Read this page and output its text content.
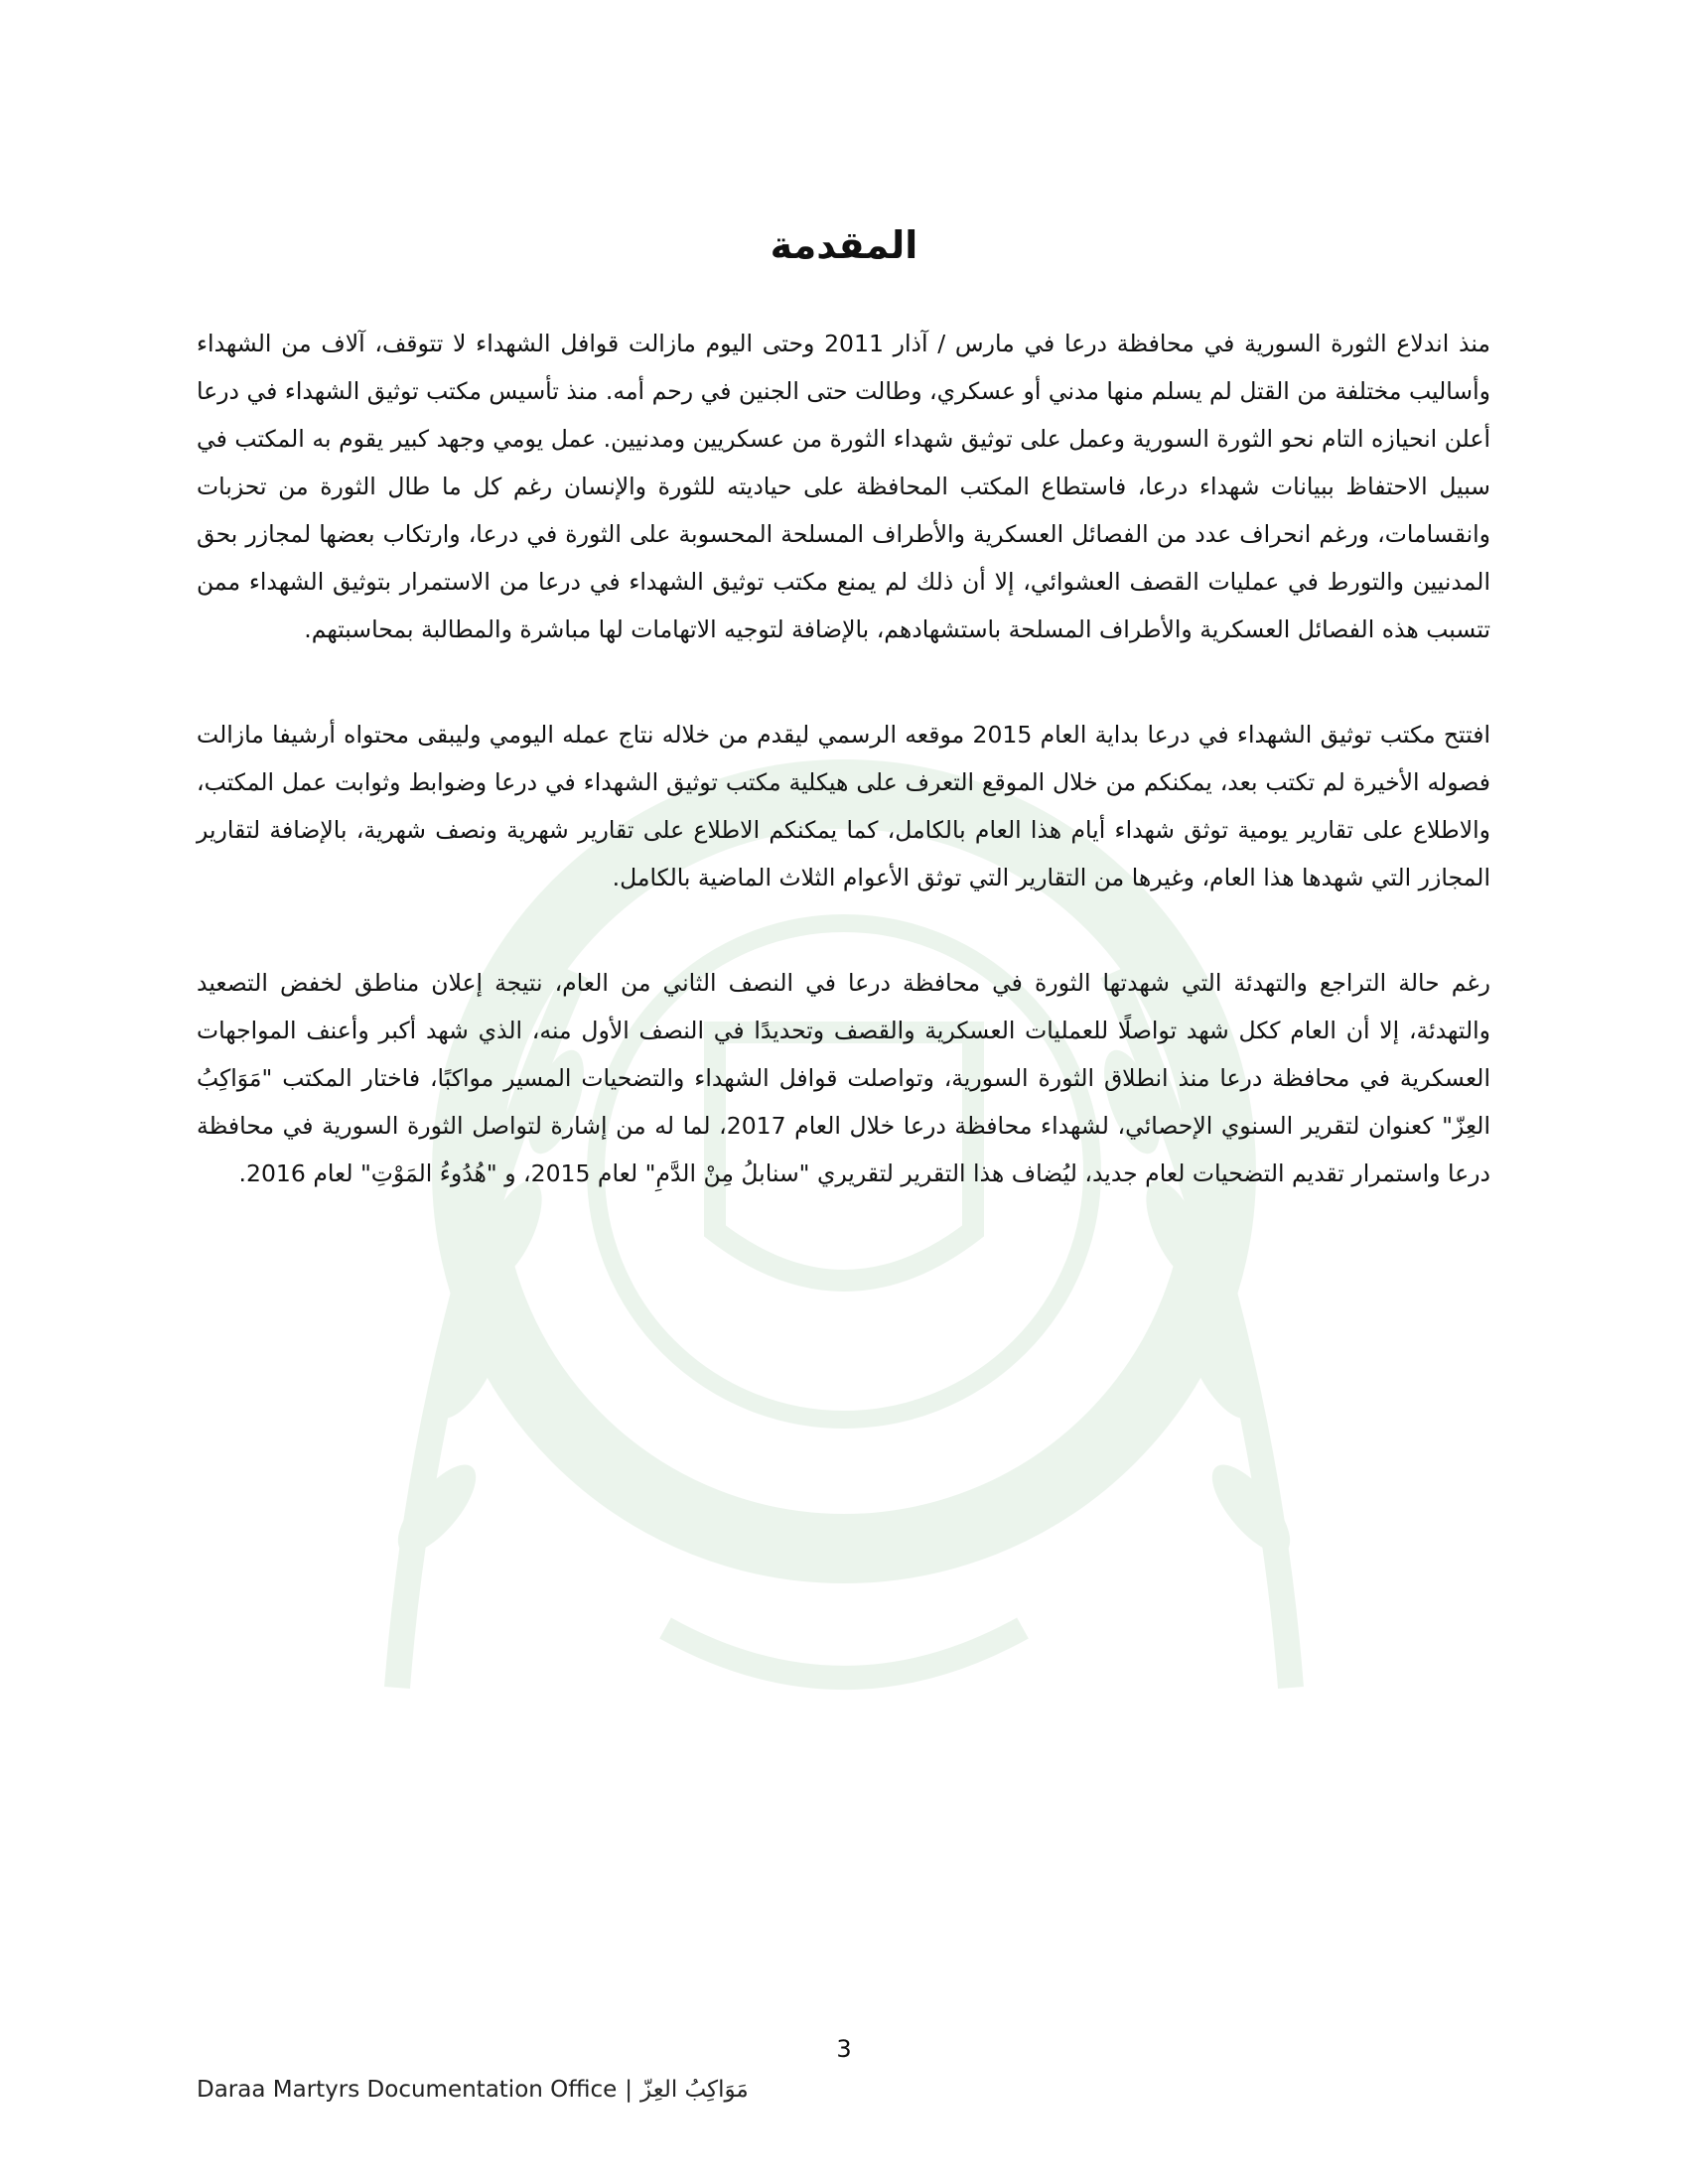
المقدمة

منذ اندلاع الثورة السورية في محافظة درعا في مارس / آذار 2011 وحتى اليوم مازالت قوافل الشهداء لا تتوقف، آلاف من الشهداء وأساليب مختلفة من القتل لم يسلم منها مدني أو عسكري، وطالت حتى الجنين في رحم أمه. منذ تأسيس مكتب توثيق الشهداء في درعا أعلن انحيازه التام نحو الثورة السورية وعمل على توثيق شهداء الثورة من عسكريين ومدنيين. عمل يومي وجهد كبير يقوم به المكتب في سبيل الاحتفاظ ببيانات شهداء درعا، فاستطاع المكتب المحافظة على حياديته للثورة والإنسان رغم كل ما طال الثورة من تحزبات وانقسامات، ورغم انحراف عدد من الفصائل العسكرية والأطراف المسلحة المحسوبة على الثورة في درعا، وارتكاب بعضها لمجازر بحق المدنيين والتورط في عمليات القصف العشوائي، إلا أن ذلك لم يمنع مكتب توثيق الشهداء في درعا من الاستمرار بتوثيق الشهداء ممن تتسبب هذه الفصائل العسكرية والأطراف المسلحة باستشهادهم، بالإضافة لتوجيه الاتهامات لها مباشرة والمطالبة بمحاسبتهم.

افتتح مكتب توثيق الشهداء في درعا بداية العام 2015 موقعه الرسمي ليقدم من خلاله نتاج عمله اليومي وليبقى محتواه أرشيفا مازالت فصوله الأخيرة لم تكتب بعد، يمكنكم من خلال الموقع التعرف على هيكلية مكتب توثيق الشهداء في درعا وضوابط وثوابت عمل المكتب، والاطلاع على تقارير يومية توثق شهداء أيام هذا العام بالكامل، كما يمكنكم الاطلاع على تقارير شهرية ونصف شهرية، بالإضافة لتقارير المجازر التي شهدها هذا العام، وغيرها من التقارير التي توثق الأعوام الثلاث الماضية بالكامل.

رغم حالة التراجع والتهدئة التي شهدتها الثورة في محافظة درعا في النصف الثاني من العام، نتيجة إعلان مناطق لخفض التصعيد والتهدئة، إلا أن العام ككل شهد تواصلًا للعمليات العسكرية والقصف وتحديدًا في النصف الأول منه، الذي شهد أكبر وأعنف المواجهات العسكرية في محافظة درعا منذ انطلاق الثورة السورية، وتواصلت قوافل الشهداء والتضحيات المسير مواكبًا، فاختار المكتب "مَوَاكِبُ العِزّ" كعنوان لتقرير السنوي الإحصائي، لشهداء محافظة درعا خلال العام 2017، لما له من إشارة لتواصل الثورة السورية في محافظة درعا واستمرار تقديم التضحيات لعام جديد، ليُضاف هذا التقرير لتقريري "سنابلُ مِنْ الدَّمِ" لعام 2015، و "هُدُوءُ المَوْتِ" لعام 2016.

3
Daraa Martyrs Documentation Office | مَوَاكِبُ العِزّ
